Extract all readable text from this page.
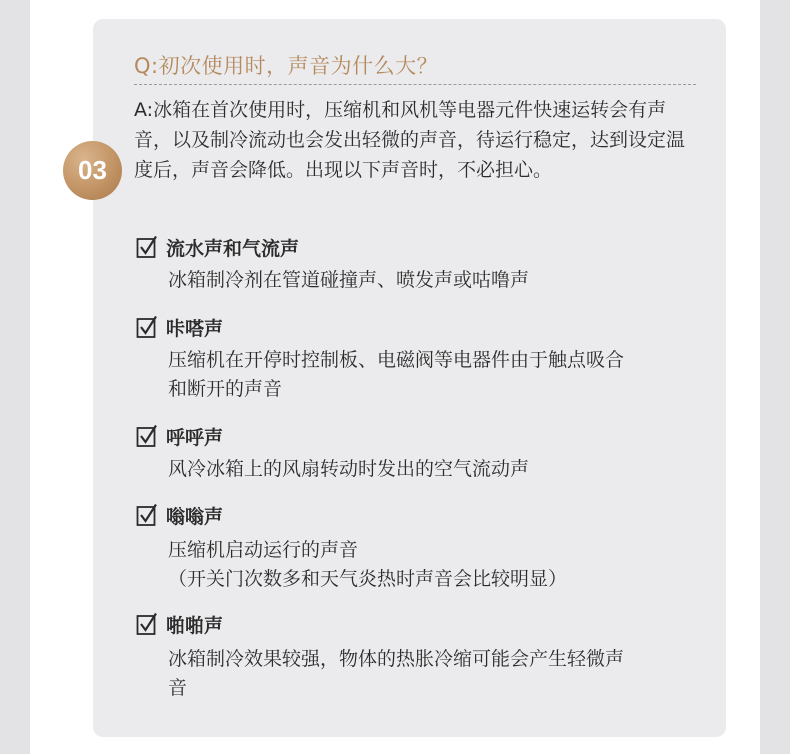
Q:初次使用时，声音为什么大？
03
A:冰箱在首次使用时，压缩机和风机等电器元件快速运转会有声音，以及制冷流动也会发出轻微的声音，待运行稳定，达到设定温度后，声音会降低。出现以下声音时，不必担心。
流水声和气流声
冰箱制冷剂在管道碰撞声、喷发声或咕噜声
咔嗒声
压缩机在开停时控制板、电磁阀等电器件由于触点吸合
和断开的声音
呼呼声
风冷冰箱上的风扇转动时发出的空气流动声
嗡嗡声
压缩机启动运行的声音
（开关门次数多和天气炎热时声音会比较明显）
啪啪声
冰箱制冷效果较强，物体的热胀冷缩可能会产生轻微声
音
